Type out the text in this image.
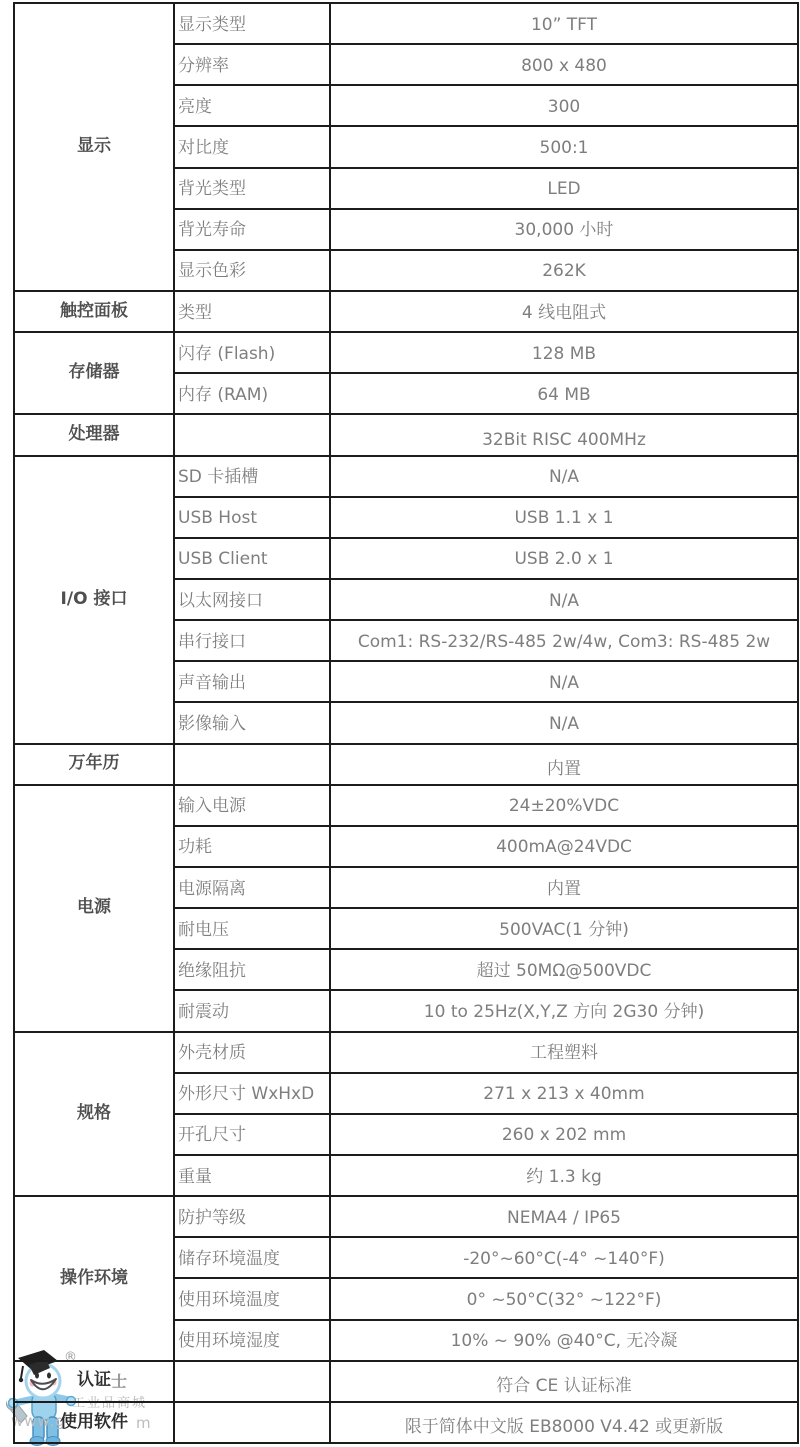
®
士
工业品商城
www.g	m
显示	显示类型	10” TFT
	分辨率	800 x 480
	亮度	300
	对比度	500:1
	背光类型	LED
	背光寿命	30,000 小时
	显示色彩	262K
触控面板	类型	4 线电阻式
存储器	闪存 (Flash)	128 MB
	内存 (RAM)	64 MB
处理器		32Bit RISC 400MHz
I/O 接口	SD 卡插槽	N/A
	USB Host	USB 1.1 x 1
	USB Client	USB 2.0 x 1
	以太网接口	N/A
	串行接口	Com1: RS-232/RS-485 2w/4w, Com3: RS-485 2w
	声音输出	N/A
	影像输入	N/A
万年历		内置
电源	输入电源	24±20%VDC
	功耗	400mA@24VDC
	电源隔离	内置
	耐电压	500VAC(1 分钟)
	绝缘阻抗	超过 50MΩ@500VDC
	耐震动	10 to 25Hz(X,Y,Z 方向 2G30 分钟)
规格	外壳材质	工程塑料
	外形尺寸 WxHxD	271 x 213 x 40mm
	开孔尺寸	260 x 202 mm
	重量	约 1.3 kg
操作环境	防护等级	NEMA4 / IP65
	储存环境温度	-20°~60°C(-4° ~140°F)
	使用环境温度	0° ~50°C(32° ~122°F)
	使用环境湿度	10% ~ 90% @40°C, 无冷凝
认证		符合 CE 认证标准
使用软件		限于简体中文版 EB8000 V4.42 或更新版
